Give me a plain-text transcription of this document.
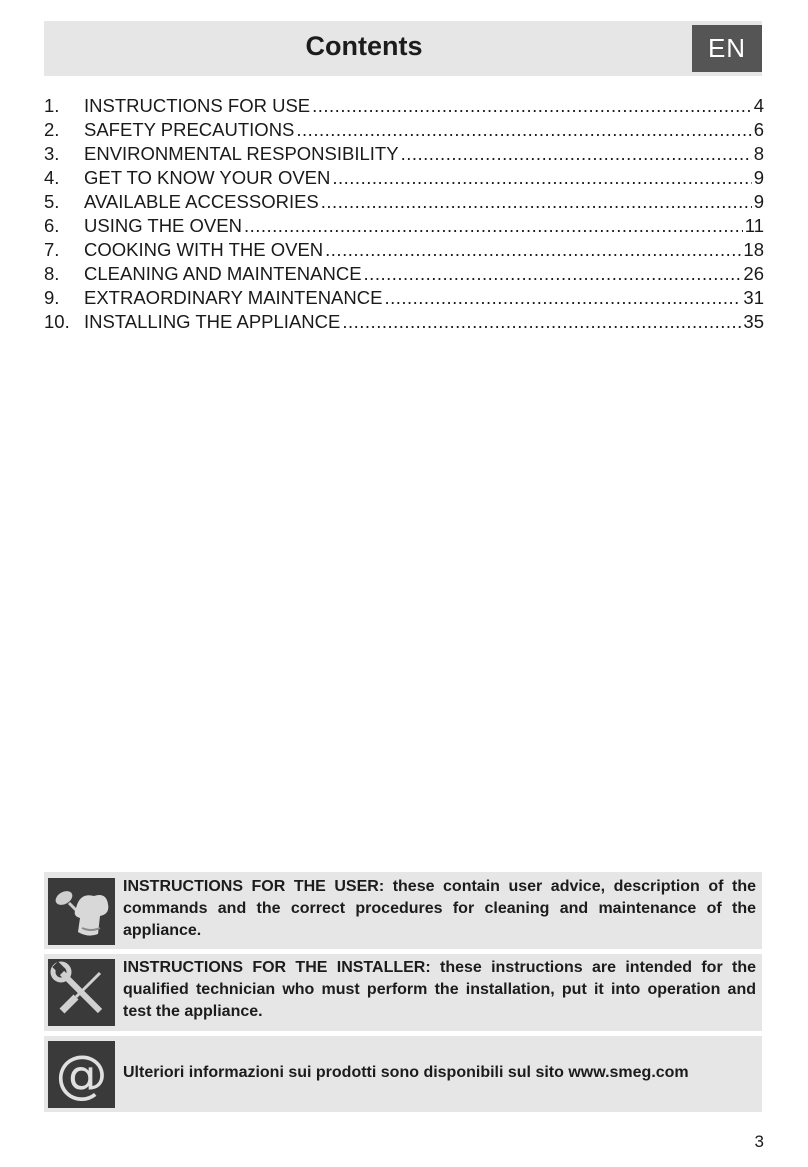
Contents	EN
1.	INSTRUCTIONS FOR USE .....	4
2.	SAFETY PRECAUTIONS .....	6
3.	ENVIRONMENTAL RESPONSIBILITY .....	8
4.	GET TO KNOW YOUR OVEN .....	9
5.	AVAILABLE ACCESSORIES .....	9
6.	USING THE OVEN .....	11
7.	COOKING WITH THE OVEN .....	18
8.	CLEANING AND MAINTENANCE .....	26
9.	EXTRAORDINARY MAINTENANCE .....	31
10. INSTALLING THE APPLIANCE .....	35
INSTRUCTIONS FOR THE USER: these contain user advice, description of the commands and the correct procedures for cleaning and maintenance of the appliance.
INSTRUCTIONS FOR THE INSTALLER: these instructions are intended for the qualified technician who must perform the installation, put it into operation and test the appliance.
@ Ulteriori informazioni sui prodotti sono disponibili sul sito www.smeg.com
3
